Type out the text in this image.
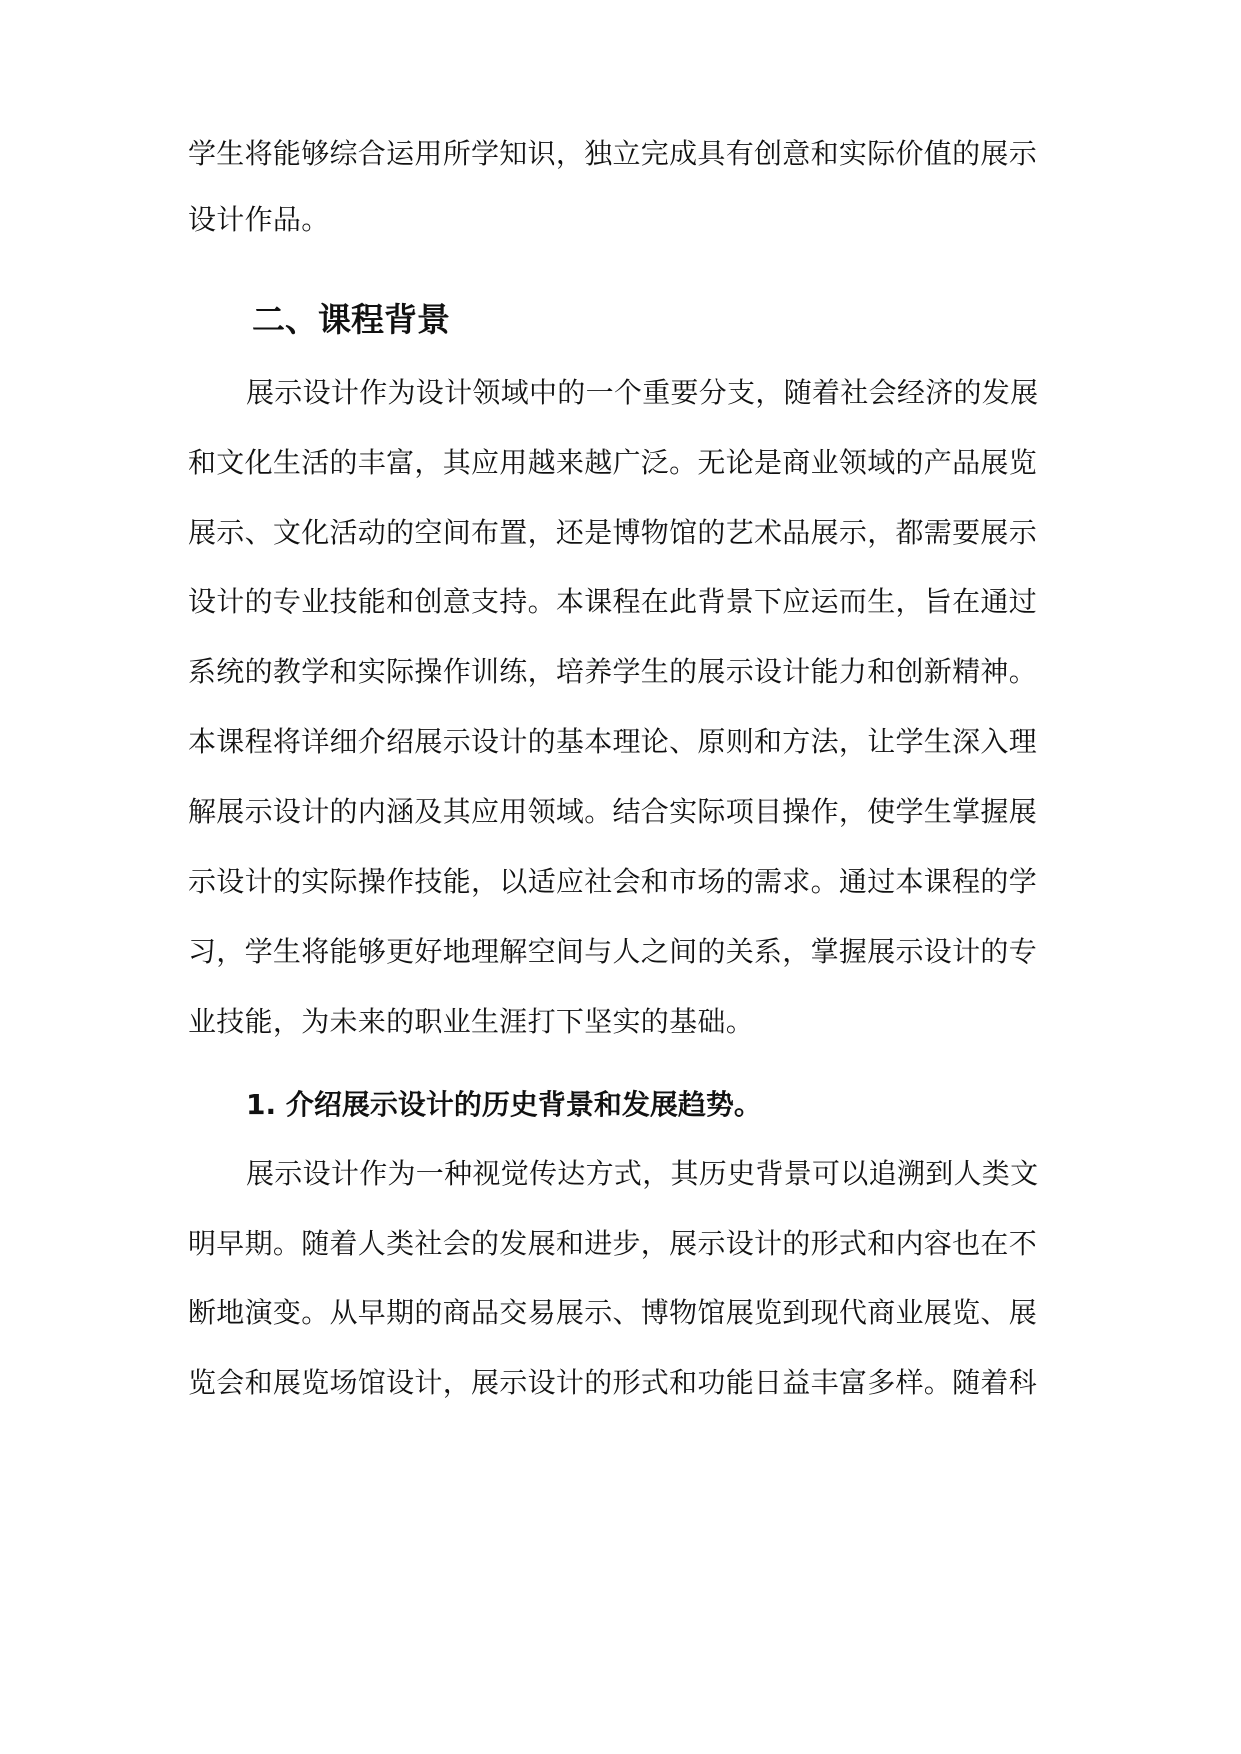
学生将能够综合运用所学知识，独立完成具有创意和实际价值的展示
设计作品。
二、课程背景
展示设计作为设计领域中的一个重要分支，随着社会经济的发展
和文化生活的丰富，其应用越来越广泛。无论是商业领域的产品展览
展示、文化活动的空间布置，还是博物馆的艺术品展示，都需要展示
设计的专业技能和创意支持。本课程在此背景下应运而生，旨在通过
系统的教学和实际操作训练，培养学生的展示设计能力和创新精神。
本课程将详细介绍展示设计的基本理论、原则和方法，让学生深入理
解展示设计的内涵及其应用领域。结合实际项目操作，使学生掌握展
示设计的实际操作技能，以适应社会和市场的需求。通过本课程的学
习，学生将能够更好地理解空间与人之间的关系，掌握展示设计的专
业技能，为未来的职业生涯打下坚实的基础。
1. 介绍展示设计的历史背景和发展趋势。
展示设计作为一种视觉传达方式，其历史背景可以追溯到人类文
明早期。随着人类社会的发展和进步，展示设计的形式和内容也在不
断地演变。从早期的商品交易展示、博物馆展览到现代商业展览、展
览会和展览场馆设计，展示设计的形式和功能日益丰富多样。随着科
